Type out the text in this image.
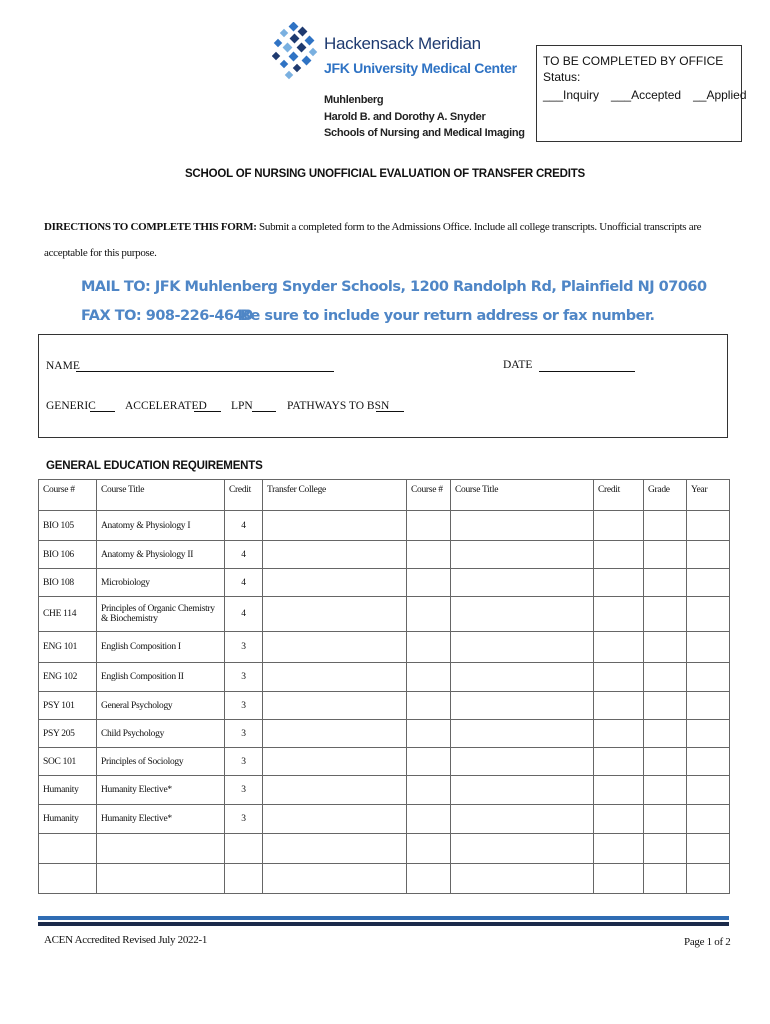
Hackensack Meridian
JFK University Medical Center
Muhlenberg
Harold B. and Dorothy A. Snyder
Schools of Nursing and Medical Imaging
TO BE COMPLETED BY OFFICE
Status:
___Inquiry ___Accepted __Applied
SCHOOL OF NURSING UNOFFICIAL EVALUATION OF TRANSFER CREDITS
DIRECTIONS TO COMPLETE THIS FORM: Submit a completed form to the Admissions Office. Include all college transcripts. Unofficial transcripts are acceptable for this purpose.
MAIL TO: JFK Muhlenberg Snyder Schools, 1200 Randolph Rd, Plainfield NJ 07060
FAX TO: 908-226-4640
Be sure to include your return address or fax number.
NAME	DATE
GENERIC	ACCELERATED LPN	PATHWAYS TO BSN
GENERAL EDUCATION REQUIREMENTS
Course #	Course Title	Credit	Transfer College	Course #	Course Title	Credit	Grade	Year
BIO 105	Anatomy & Physiology I	4						
BIO 106	Anatomy & Physiology II	4						
BIO 108	Microbiology	4						
CHE 114	Principles of Organic Chemistry & Biochemistry	4						
ENG 101	English Composition I	3						
ENG 102	English Composition II	3						
PSY 101	General Psychology	3						
PSY 205	Child Psychology	3						
SOC 101	Principles of Sociology	3						
Humanity	Humanity Elective*	3						
Humanity	Humanity Elective*	3						

ACEN Accredited Revised July 2022-1	Page 1 of 2
